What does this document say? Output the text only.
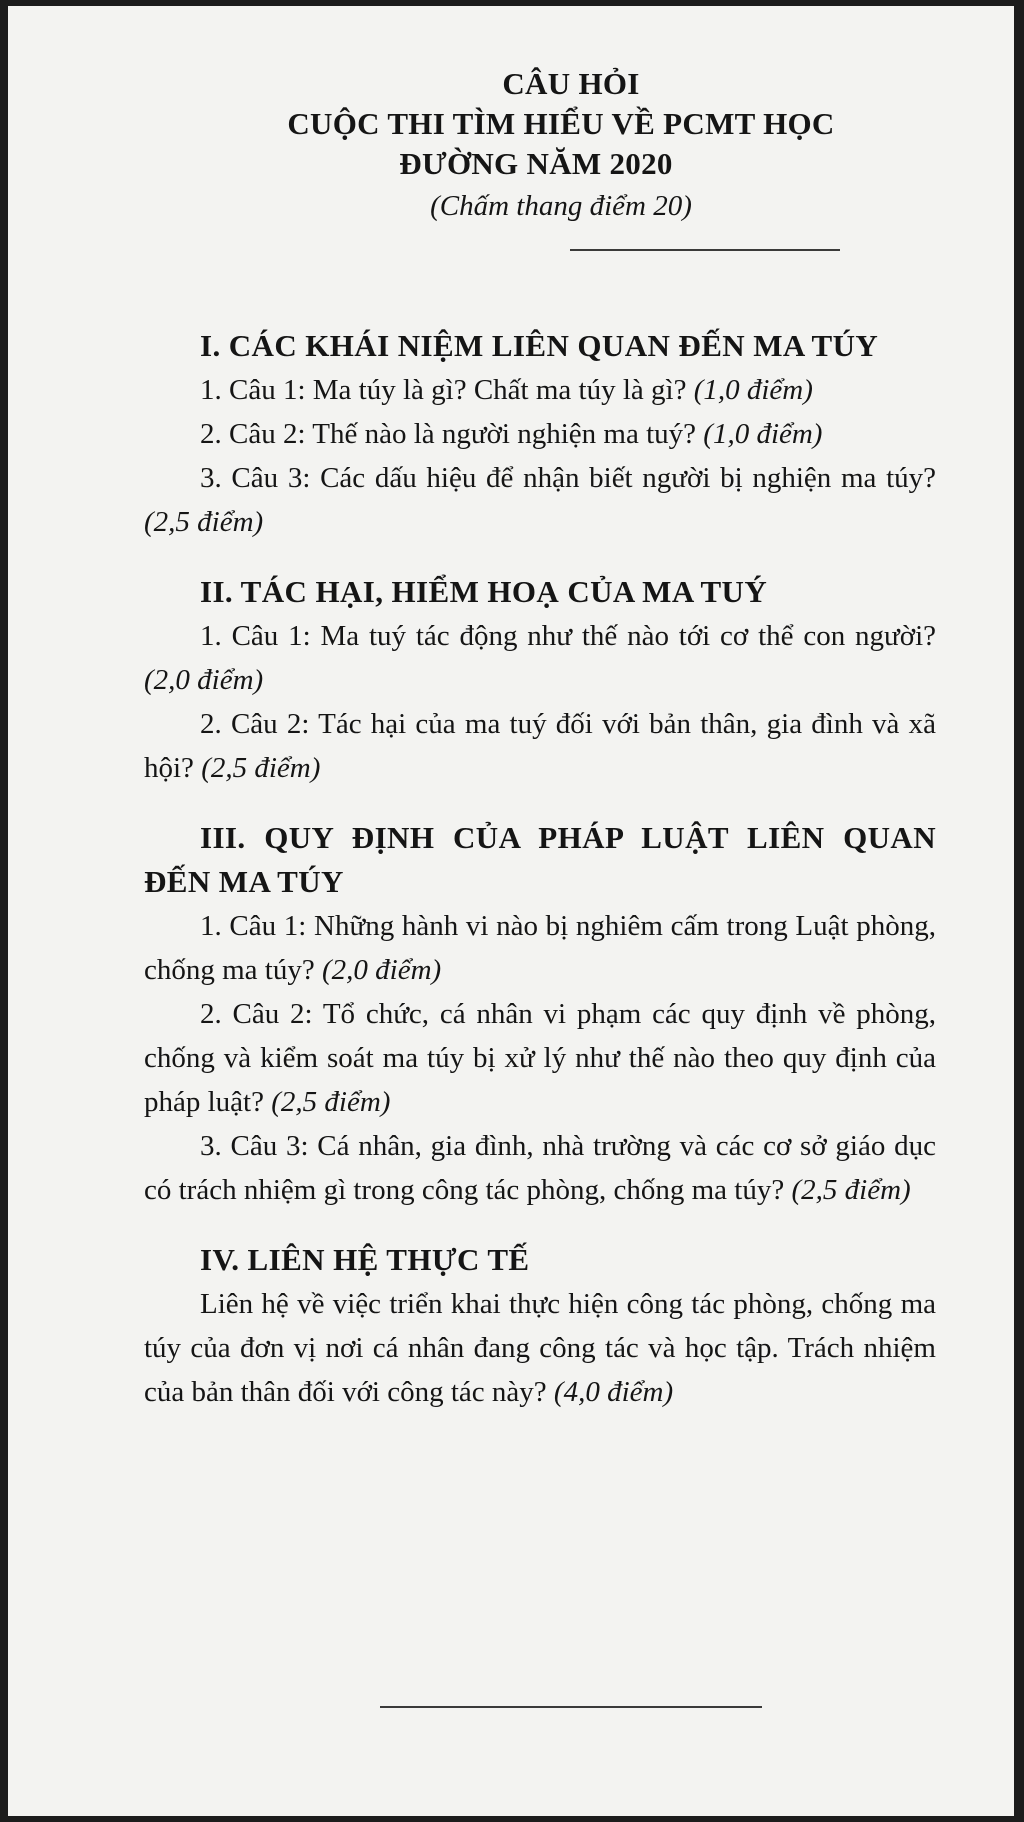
CÂU HỎI
CUỘC THI TÌM HIỂU VỀ PCMT HỌC
ĐƯỜNG NĂM 2020
(Chấm thang điểm 20)
I. CÁC KHÁI NIỆM LIÊN QUAN ĐẾN MA TÚY
1. Câu 1: Ma túy là gì? Chất ma túy là gì? (1,0 điểm)
2. Câu 2: Thế nào là người nghiện ma tuý? (1,0 điểm)
3. Câu 3: Các dấu hiệu để nhận biết người bị nghiện ma túy? (2,5 điểm)
II. TÁC HẠI, HIỂM HOẠ CỦA MA TUÝ
1. Câu 1: Ma tuý tác động như thế nào tới cơ thể con người? (2,0 điểm)
2. Câu 2: Tác hại của ma tuý đối với bản thân, gia đình và xã hội? (2,5 điểm)
III. QUY ĐỊNH CỦA PHÁP LUẬT LIÊN QUAN ĐẾN MA TÚY
1. Câu 1: Những hành vi nào bị nghiêm cấm trong Luật phòng, chống ma túy? (2,0 điểm)
2. Câu 2: Tổ chức, cá nhân vi phạm các quy định về phòng, chống và kiểm soát ma túy bị xử lý như thế nào theo quy định của pháp luật? (2,5 điểm)
3. Câu 3: Cá nhân, gia đình, nhà trường và các cơ sở giáo dục có trách nhiệm gì trong công tác phòng, chống ma túy? (2,5 điểm)
IV. LIÊN HỆ THỰC TẾ
Liên hệ về việc triển khai thực hiện công tác phòng, chống ma túy của đơn vị nơi cá nhân đang công tác và học tập. Trách nhiệm của bản thân đối với công tác này? (4,0 điểm)
